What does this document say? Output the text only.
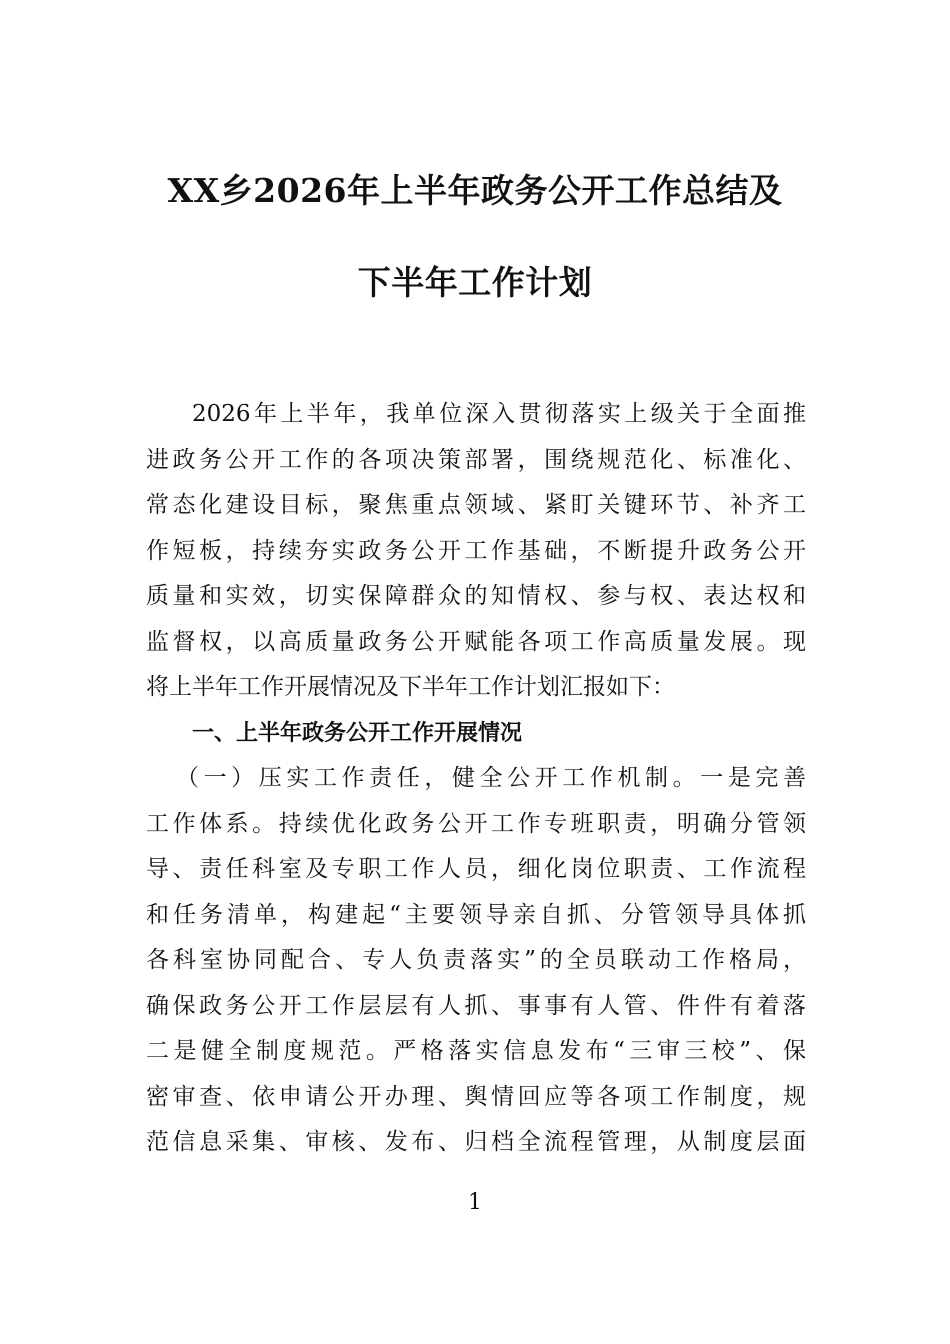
XX乡2026年上半年政务公开工作总结及
下半年工作计划
2026年上半年，我单位深入贯彻落实上级关于全面推
进政务公开工作的各项决策部署，围绕规范化、标准化、
常态化建设目标，聚焦重点领域、紧盯关键环节、补齐工
作短板，持续夯实政务公开工作基础，不断提升政务公开
质量和实效，切实保障群众的知情权、参与权、表达权和
监督权，以高质量政务公开赋能各项工作高质量发展。现
将上半年工作开展情况及下半年工作计划汇报如下：
一、上半年政务公开工作开展情况
（一）压实工作责任，健全公开工作机制。一是完善
工作体系。持续优化政务公开工作专班职责，明确分管领
导、责任科室及专职工作人员，细化岗位职责、工作流程
和任务清单，构建起“主要领导亲自抓、分管领导具体抓
各科室协同配合、专人负责落实”的全员联动工作格局，
确保政务公开工作层层有人抓、事事有人管、件件有着落
二是健全制度规范。严格落实信息发布“三审三校”、保
密审查、依申请公开办理、舆情回应等各项工作制度，规
范信息采集、审核、发布、归档全流程管理，从制度层面
1
